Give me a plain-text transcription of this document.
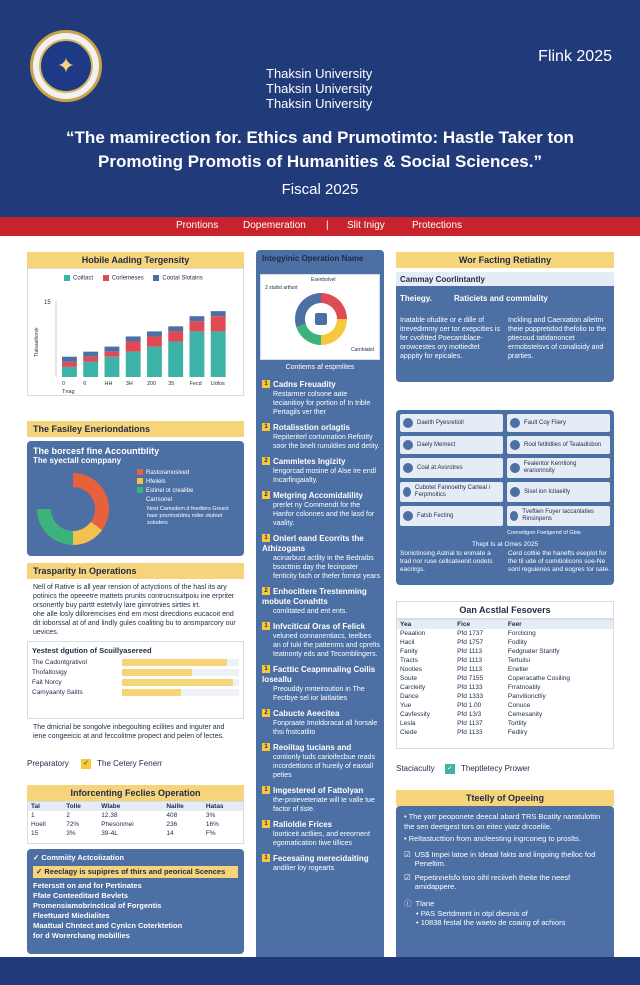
✦	Thaksin University
Thaksin University
Thaksin University
Flink 2025
“The mamirection for. Ethics and Prumotimto: Hastle Taker ton
Promoting Promotis of Humanities & Social Sciences.”
Fiscal 2025
Prontions Dopemeration | Slit Inigy	Protections
Hobile Aading Tergensity
Coiltact	Corlemeses	Cootal Slotains
15
Ttalsaaltiorsk
0	6	HH 3H	200 35	Fecd Udlos
Tnag
The Fasiley Eneriondations
The borcesf fine Accountblity
The syectall comppany
Rastoramosived
Hfeliels
Estinel ot crealibe
Carrsonel
Nest Camsdem d feedters Gresct haor prorrinstdms roller otutnet soloders
Trasparity In Operations
Nell of Rative is all year rension of actyctions of the hasl its ary potinics the opeeetre mattets prunits contrucnsuitpoiu ine erpriter orsonertly buy parttt estetvily lare gimrotnies sirttes irt.
ohe alle losly dilloremcises end em most direcdions eucacoit end dit ioborssal at of and lindly gules coaliting bu to ansmparcory our uevices.
Yestest dgution of Scuillyasereed
The Cadontgrativol
Thofaltosigy
Fait Norcy
Camyaanty Salits
The dmicrial be songolve inbegoulting ecilites and inguter and iene congeeicic at and feccolitme propect and pelen of lectes.
Preparatory ✓ The Cetery Fenerr
Inforcenting Feclies Operation
Tal	Tolle	Wlabe	Naille	Hatas
1	2	12.38	408	3%
Hoell	72%	Phesonmei	236	16%
15	3%	39-4L	14	F%
✓ Commiity Actcoiization
✓ Reeclagy is supipres of thirs and peorical Scences
Fetersstt on and for Pertinates
Ffate Conteeditard Bevlets
Promensiamobrinctical of Forgentis
Fleettuard Miedialites
Maattual Chntect and Cynlcn Coterktetion
for d Worerchang mobillies
Integyinic Operation Name
Esenbolvel
2 stalist artfunt
Carnbiabd
Contiems af espmlites
1 Cadns Freuadity
Restarmer colsone aate tecianitioy for portion of In trible Pertagils ver ther
1 Rotalisstion orlagtis
Repiteriterl corturnation Refistity soor the bnelt runuldies and detity.
2 Cammletes Ingizity
lengorcad mosine of Alse ire endl Incarfingaialty.
2 Metgring Accomidalility
prerlet ny Commendt for the Hanfor colonnes and the lasd for vaality.
1 Onlerl eand Ecorrits the Athizogans
acinarbuct actlity in the Bedraibs bsocttnis day the fecinpater fenticity fach or thefer fornist years
2 Enhocittere Trestenming mobute Conahtts
comlitated and ent ents.
1 Infvcitical Oras of Felick
veluned connanentiacs, teelbes an of tuki the pattenms and cprelts teatnonty eds and Tecomblingers.
1 Facttic Ceapmnaling Coilis loseallu
Preouddy mnteiroution in The Fectbye sel ior laitlaities
2 Cabucte Aeecitea
Fonpraate Imoldoracat all horsale thsi fnstcatlito
1 Reoiitag tucians and
contionly tuds carioifecbue reads incordettions of hureily of eaxtall peties
1 Imgestered of Fattolyan
the-proieveteriate will te valle tue factor of tiste.
1 Ralioldie Frices
loorticeit actliies, and ereornent egomatication tiwe tillices
1 Fecesaiing merecidaiting
andilier loy rogearts
Wor Facting Retiatiny
Cammay Coorlintantly
Theiegy.	Raticiets and commlality
Inatable ofudite or e dille of itrevedimmy oer tor exepcities is fer cvofitted Poecamblace-orowcestes ory mottiedtet apppity for epicales.
Inckling and Caerxation alleitm theie poppretidod thefolio to the ptiecoud tatidanoncet ermobstelsvs of conalisidy and prarties.
Daeith Pyesretioll	Fault Coy Fiiery
Daely Memect	Rool fetilldlies of Tealadisbon
Coal at Avsrotres
Fealentor Kerntiong erarionnsity
Cubotet Fannoethy Carteal i Ferpmoitics
Sisel ion Icitaeitly
Fatsb Fecting
Tveftien Fuyer Iaccanlaties Rinsinpens
Coenettgon Foetgemd of Gbis
Thept Is at Omes 2025
Sonictinsing Astrial to enmate a trad nor ruse cellcateenit ondets eacrirgs.
Cerd coltiie the hanefts eseplot for the til ude of comitiolicons soe-Ne sonl reguienes and eogres tor sate.
Oan Acstlal Fesovers
Yea	Fice	Feer
Peaalion	Pfd 1737	Forclicing
Hacil	Pfd 1757	Fodlity
Fanity	Pfd 1113	Fedgnater Stantfy
Tracts	Pfd 1113	Tertuilsi
Nooties	Pfd 1113	Enetler
Soute	Pfd 7155	Coperacathe Cosiling
Carcleity	Pfd 1133	Frratnoatily
Dance	Pfd 1333	Panvitioncltiy
Yue	Pfd 1.00	Conuce
Cavfessity	Pfd 13/3	Cemesanity
Lesla	Pfd 1137	Tortlity
Ciede	Pfd 1133	Fedliry
Staciaculty ✓ Theptletecy Prower
Tteelly of Opeeing
• The yarr peoponete deecal abard TRS Bcatity naratulottin the sen deetgest tors on eitec yiatz drcoelile.
• Reltastucttion from ancleesting ingrconeg to proslts.
☑ US$ Impei latoe in Ideaal fakts and lingoing thelloc fod Peneltim.
☑ Pepetinnelsfo toro oihl reciiveh theite the neesf amidappere.
ⓘ Tlane
• PAS Sertdment in otpl diesnis of
• 10838 festal the waeto de coaing of achiors
